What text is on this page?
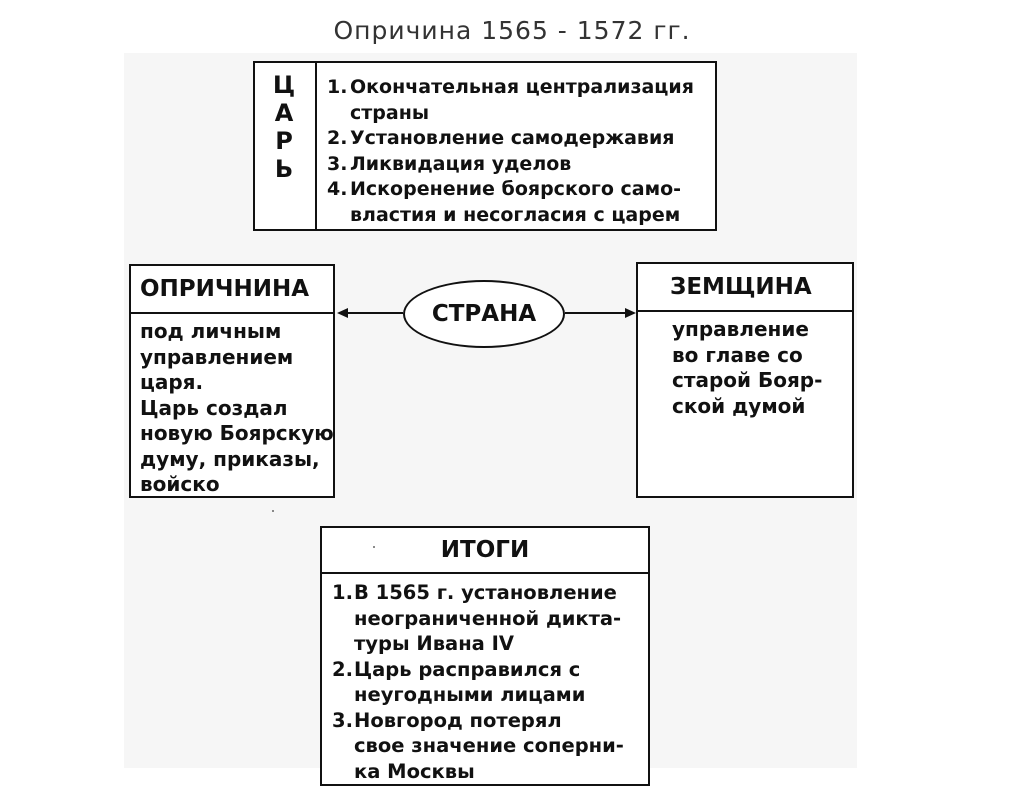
Опричина 1565 - 1572 гг.
Ц
А
Р
Ь
1. Окончательная централизация
страны
2. Установление самодержавия
3. Ликвидация уделов
4. Искоренение боярского само-
властия и несогласия с царем
ОПРИЧНИНА
под личным
управлением
царя.
Царь создал
новую Боярскую
думу, приказы,
войско
СТРАНА
ЗЕМЩИНА
управление
во главе со
старой Бояр-
ской думой
ИТОГИ
1. В 1565 г. установление
неограниченной дикта-
туры Ивана IV
2. Царь расправился с
неугодными лицами
3. Новгород потерял
свое значение соперни-
ка Москвы
